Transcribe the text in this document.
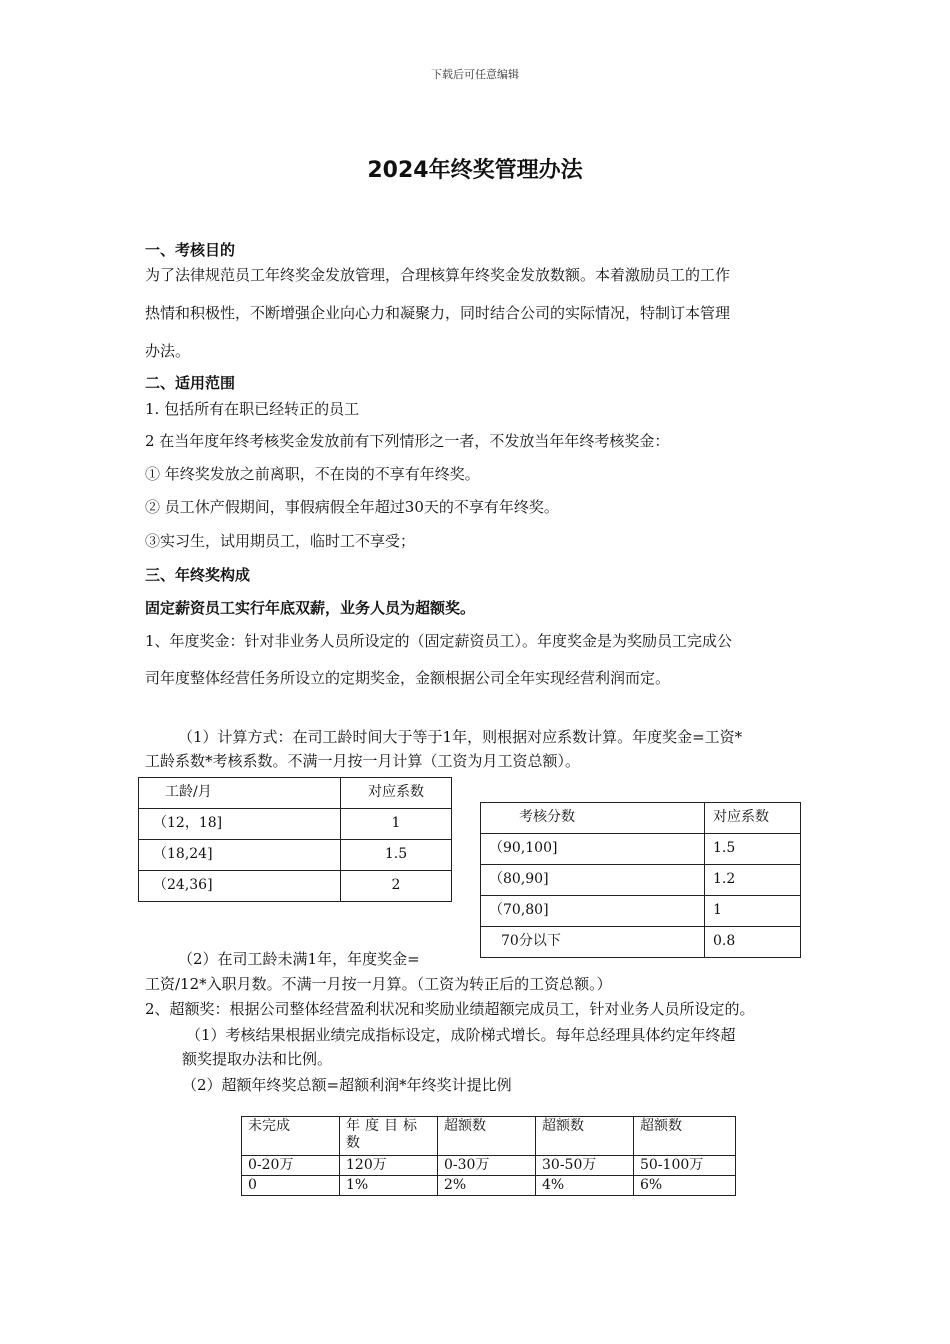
下载后可任意编辑
2024年终奖管理办法
一、考核目的
为了法律规范员工年终奖金发放管理，合理核算年终奖金发放数额。本着激励员工的工作
热情和积极性，不断增强企业向心力和凝聚力，同时结合公司的实际情况，特制订本管理
办法。
二、适用范围
1. 包括所有在职已经转正的员工
2 在当年度年终考核奖金发放前有下列情形之一者，不发放当年年终考核奖金：
① 年终奖发放之前离职，不在岗的不享有年终奖。
② 员工休产假期间，事假病假全年超过30天的不享有年终奖。
③实习生，试用期员工，临时工不享受；
三、年终奖构成
固定薪资员工实行年底双薪，业务人员为超额奖。
1、年度奖金：针对非业务人员所设定的（固定薪资员工）。年度奖金是为奖励员工完成公
司年度整体经营任务所设立的定期奖金，金额根据公司全年实现经营利润而定。
（1）计算方式：在司工龄时间大于等于1年，则根据对应系数计算。年度奖金=工资*
工龄系数*考核系数。不满一月按一月计算（工资为月工资总额）。
工龄/月	对应系数
（12，18]	1
（18,24]	1.5
（24,36]	2
考核分数	对应系数
（90,100]	1.5
（80,90]	1.2
（70,80]	1
70分以下	0.8
（2）在司工龄未满1年，年度奖金=
工资/12*入职月数。不满一月按一月算。（工资为转正后的工资总额。）
2、超额奖：根据公司整体经营盈利状况和奖励业绩超额完成员工，针对业务人员所设定的。
（1）考核结果根据业绩完成指标设定，成阶梯式增长。每年总经理具体约定年终超
额奖提取办法和比例。
（2）超额年终奖总额=超额利润*年终奖计提比例
未完成	年度目标数	超额数	超额数	超额数
0-20万	120万	0-30万	30-50万	50-100万
0	1%	2%	4%	6%
